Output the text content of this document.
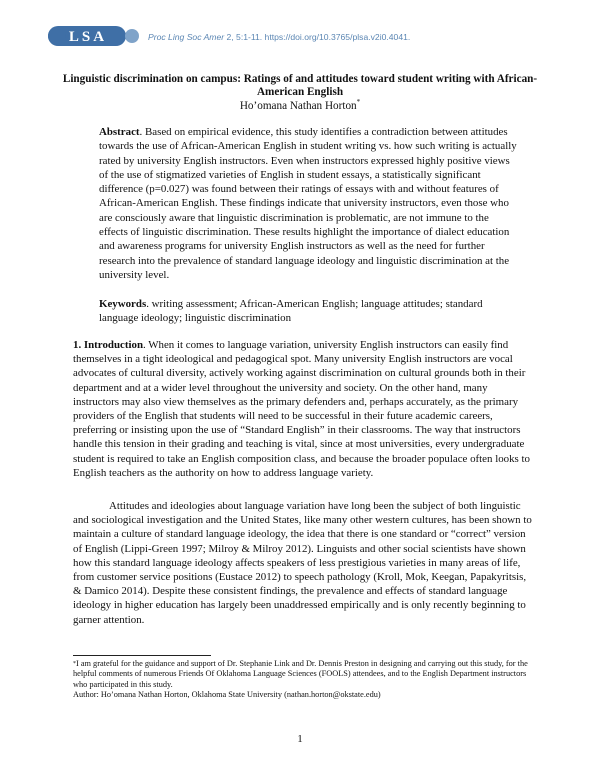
LSA	Proc Ling Soc Amer 2, 5:1-11. https://doi.org/10.3765/plsa.v2i0.4041.
Linguistic discrimination on campus: Ratings of and attitudes toward student writing with African-American English
Ho’omana Nathan Horton*
Abstract. Based on empirical evidence, this study identifies a contradiction between attitudes towards the use of African-American English in student writing vs. how such writing is actually rated by university English instructors. Even when instructors expressed highly positive views of the use of stigmatized varieties of English in student essays, a statistically significant difference (p=0.027) was found between their ratings of essays with and without features of African-American English. These findings indicate that university instructors, even those who are consciously aware that linguistic discrimination is problematic, are not immune to the effects of linguistic discrimination. These results highlight the importance of dialect education and awareness programs for university English instructors as well as the need for further research into the prevalence of standard language ideology and linguistic discrimination at the university level.
Keywords. writing assessment; African-American English; language attitudes; standard language ideology; linguistic discrimination
1. Introduction. When it comes to language variation, university English instructors can easily find themselves in a tight ideological and pedagogical spot. Many university English instructors are vocal advocates of cultural diversity, actively working against discrimination on cultural grounds both in their department and at a wider level throughout the university and society. On the other hand, many instructors may also view themselves as the primary defenders and, perhaps accurately, as the primary providers of the English that students will need to be successful in their future academic careers, preferring or insisting upon the use of “Standard English” in their classrooms. The way that instructors handle this tension in their grading and teaching is vital, since at most universities, every undergraduate student is required to take an English composition class, and because the broader populace often looks to English teachers as the authority on how to address language variety.
Attitudes and ideologies about language variation have long been the subject of both linguistic and sociological investigation and the United States, like many other western cultures, has been shown to maintain a culture of standard language ideology, the idea that there is one standard or “correct” version of English (Lippi-Green 1997; Milroy & Milroy 2012). Linguists and other social scientists have shown how this standard language ideology affects speakers of less prestigious varieties in many areas of life, from customer service positions (Eustace 2012) to speech pathology (Kroll, Mok, Keegan, Papakyritsis, & Damico 2014). Despite these consistent findings, the prevalence and effects of standard language ideology in higher education has largely been unaddressed empirically and is only recently beginning to garner attention.
*I am grateful for the guidance and support of Dr. Stephanie Link and Dr. Dennis Preston in designing and carrying out this study, for the helpful comments of numerous Friends Of Oklahoma Language Sciences (FOOLS) attendees, and to the English Department instructors who participated in this study.
Author: Ho’omana Nathan Horton, Oklahoma State University (nathan.horton@okstate.edu)
1
